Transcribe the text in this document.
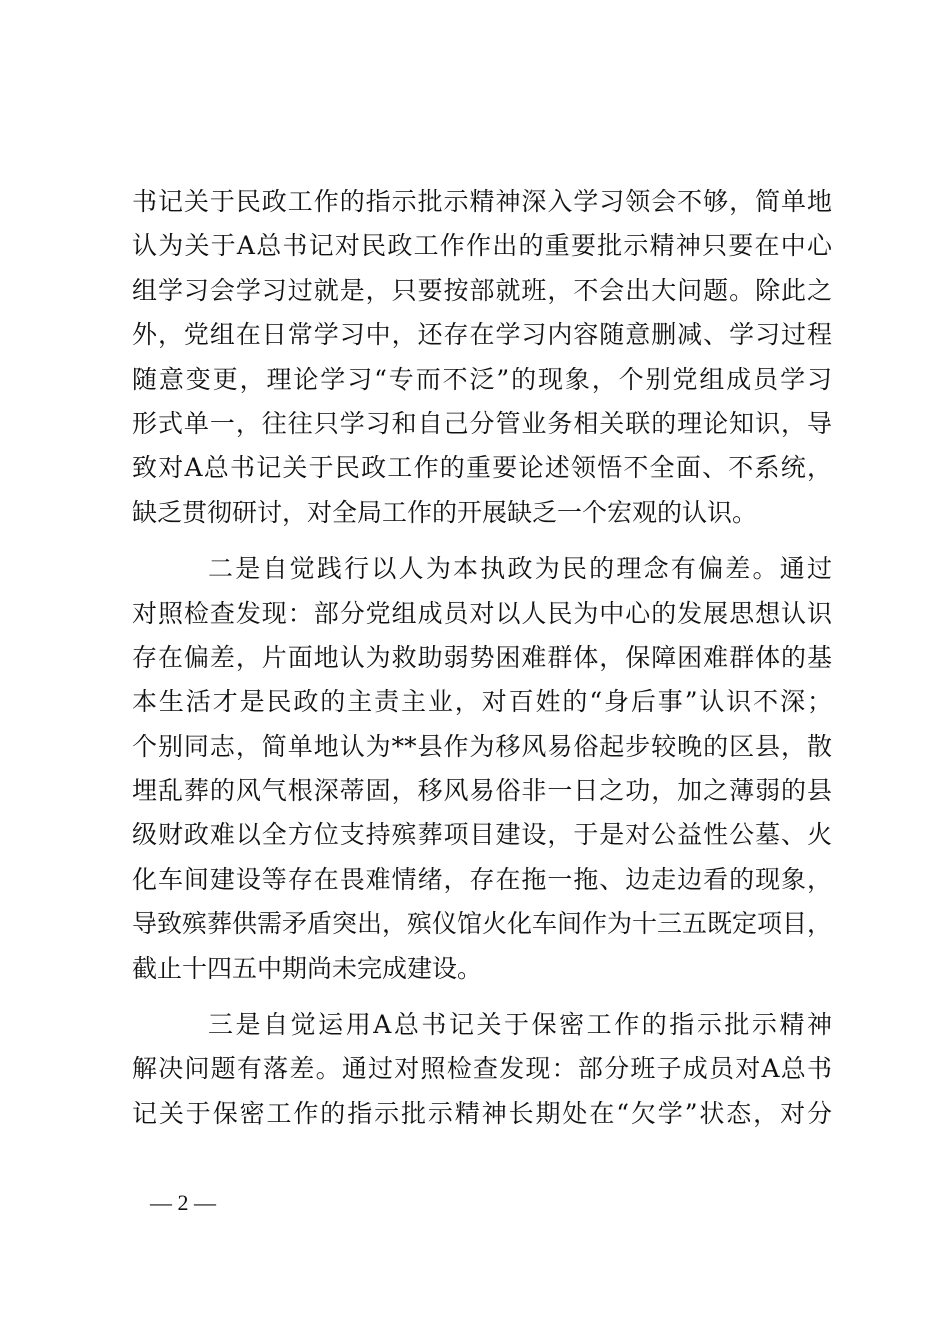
书记关于民政工作的指示批示精神深入学习领会不够，简单地
认为关于A总书记对民政工作作出的重要批示精神只要在中心
组学习会学习过就是，只要按部就班，不会出大问题。除此之
外，党组在日常学习中，还存在学习内容随意删减、学习过程
随意变更，理论学习“专而不泛”的现象，个别党组成员学习
形式单一，往往只学习和自己分管业务相关联的理论知识，导
致对A总书记关于民政工作的重要论述领悟不全面、不系统，
缺乏贯彻研讨，对全局工作的开展缺乏一个宏观的认识。
二是自觉践行以人为本执政为民的理念有偏差。通过
对照检查发现：部分党组成员对以人民为中心的发展思想认识
存在偏差，片面地认为救助弱势困难群体，保障困难群体的基
本生活才是民政的主责主业，对百姓的“身后事”认识不深；
个别同志，简单地认为**县作为移风易俗起步较晚的区县，散
埋乱葬的风气根深蒂固，移风易俗非一日之功，加之薄弱的县
级财政难以全方位支持殡葬项目建设，于是对公益性公墓、火
化车间建设等存在畏难情绪，存在拖一拖、边走边看的现象，
导致殡葬供需矛盾突出，殡仪馆火化车间作为十三五既定项目，
截止十四五中期尚未完成建设。
三是自觉运用A总书记关于保密工作的指示批示精神
解决问题有落差。通过对照检查发现：部分班子成员对A总书
记关于保密工作的指示批示精神长期处在“欠学”状态，对分
— 2 —
